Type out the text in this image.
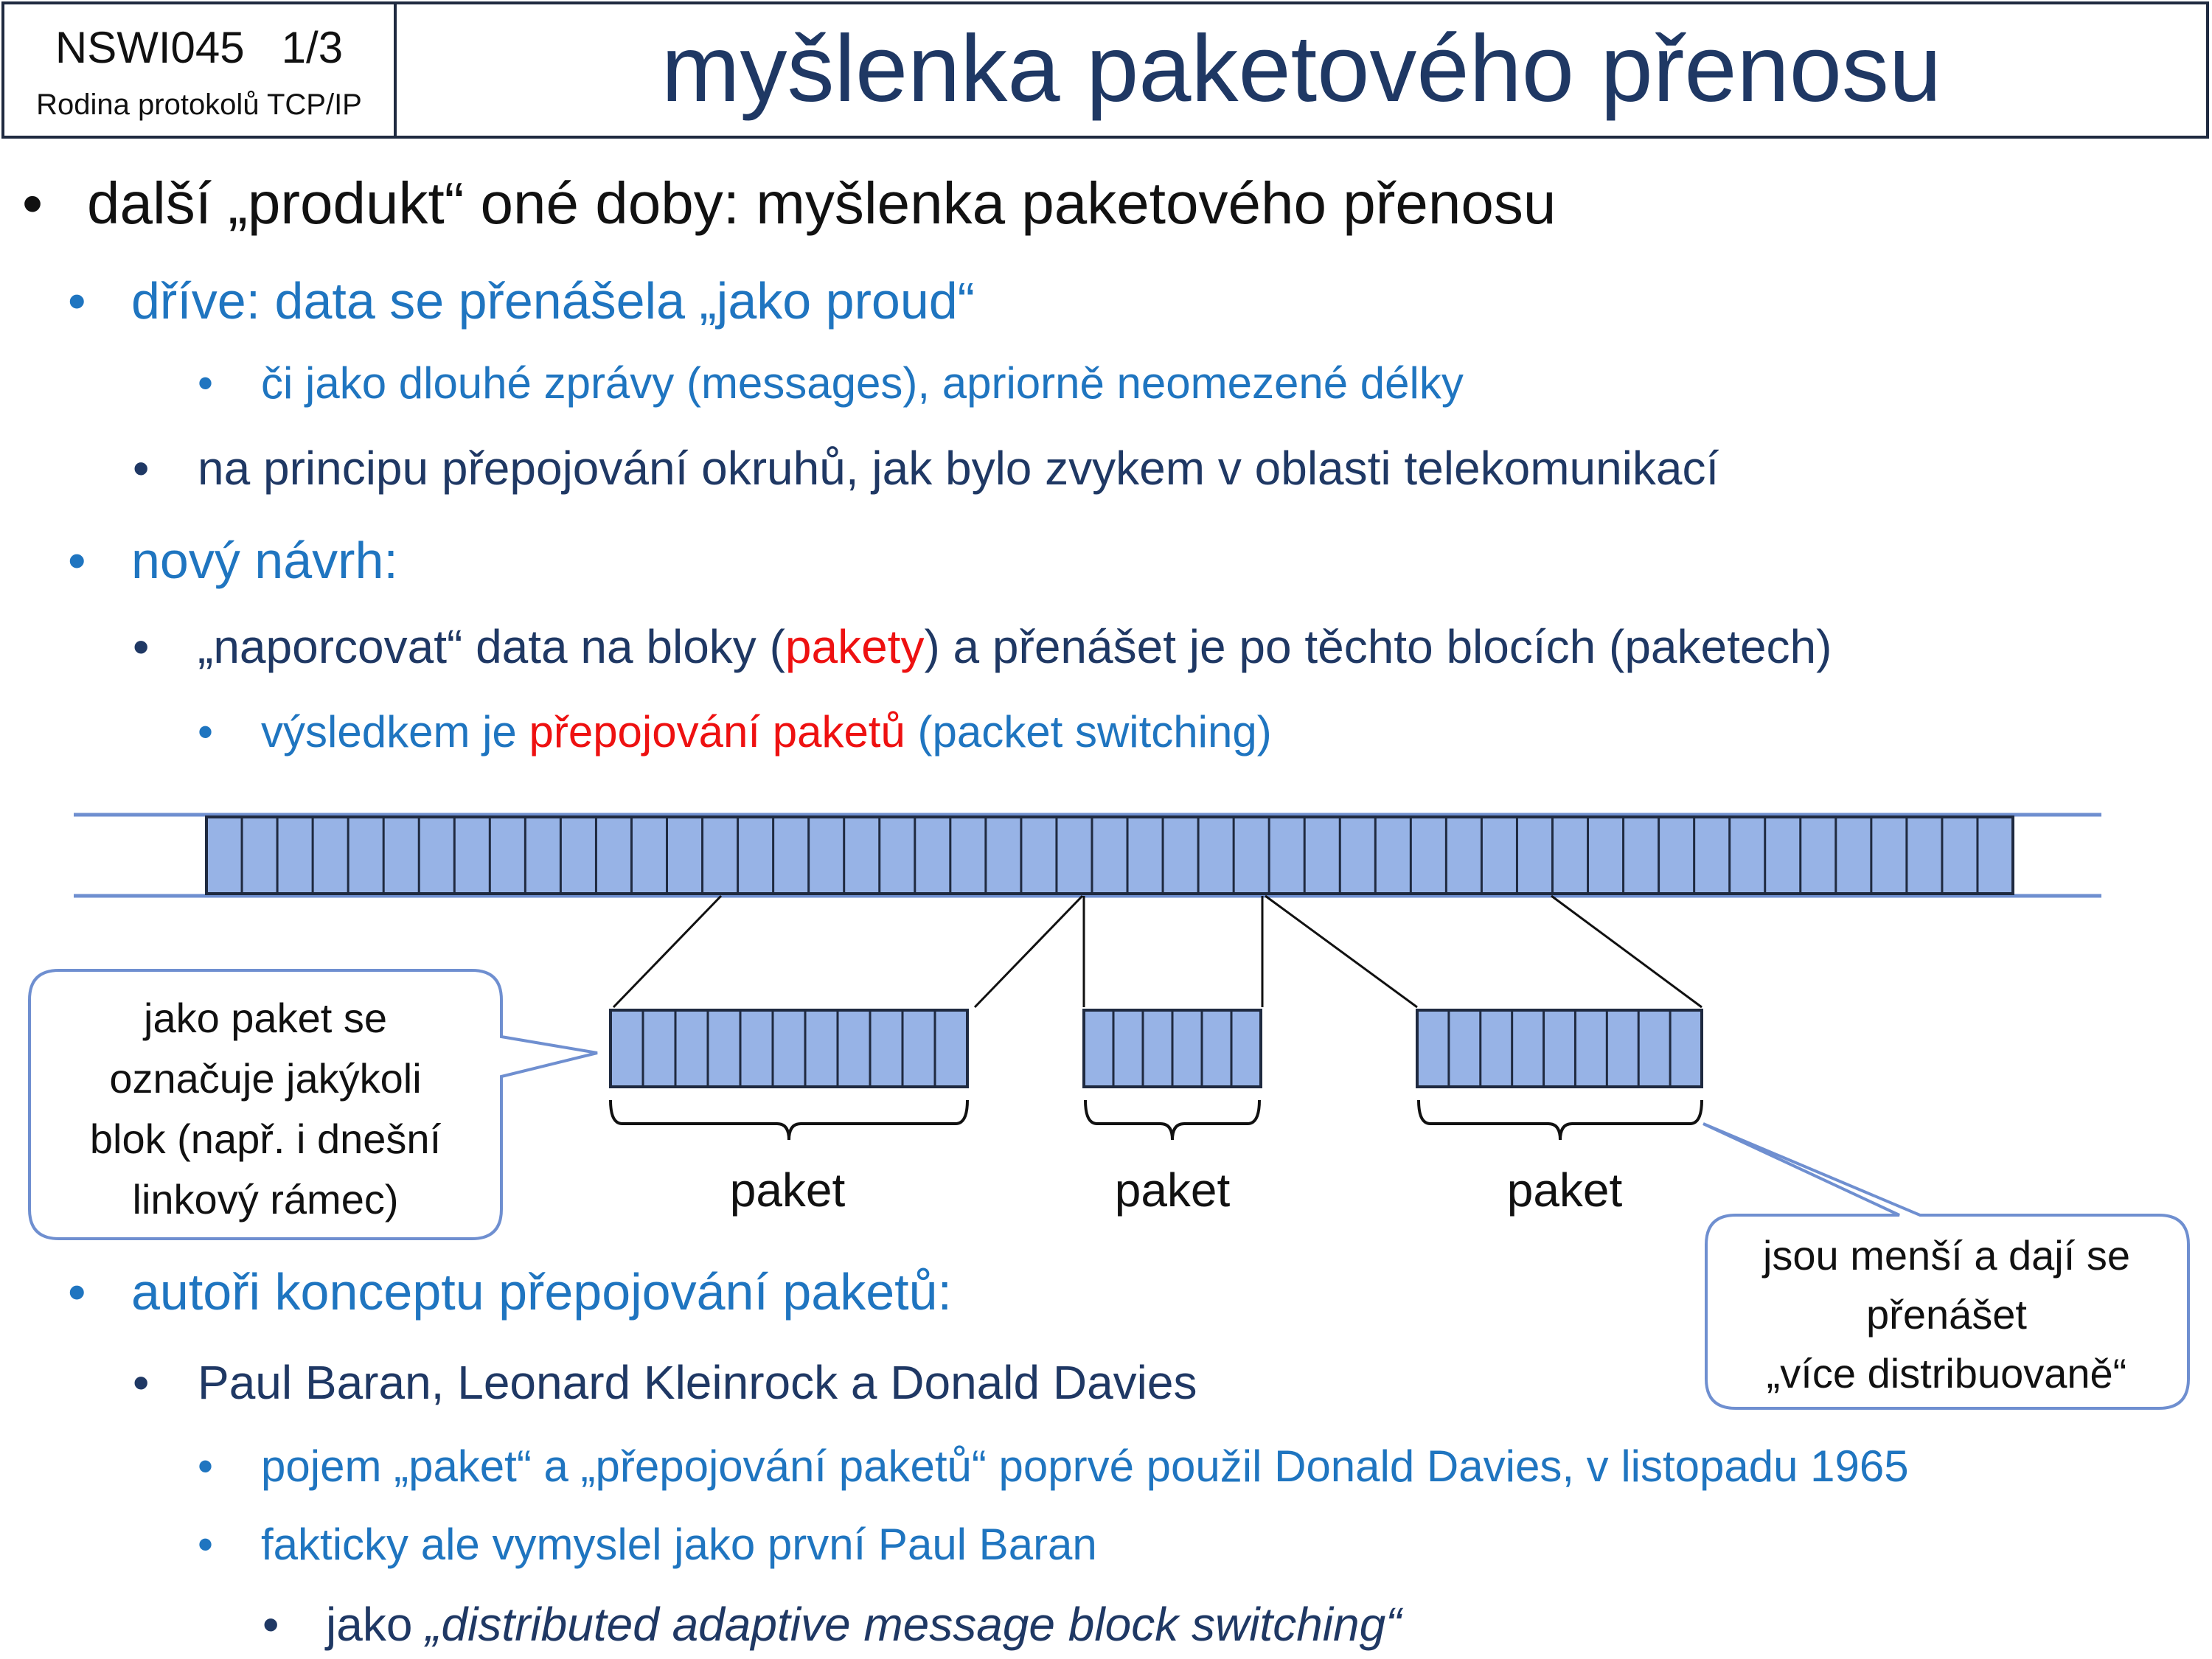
NSWI045   1/3
Rodina protokolů TCP/IP	myšlenka paketového přenosu
• další „produkt“ oné doby: myšlenka paketového přenosu
• dříve: data se přenášela „jako proud“
• či jako dlouhé zprávy (messages), apriorně neomezené délky
• na principu přepojování okruhů, jak bylo zvykem v oblasti telekomunikací
• nový návrh:
• „naporcovat“ data na bloky (pakety) a přenášet je po těchto blocích (paketech)
• výsledkem je přepojování paketů (packet switching)
• autoři konceptu přepojování paketů:
• Paul Baran, Leonard Kleinrock a Donald Davies
• pojem „paket“ a „přepojování paketů“ poprvé použil Donald Davies, v listopadu 1965
• fakticky ale vymyslel jako první Paul Baran
• jako „distributed adaptive message block switching“
paket	paket	paket
jako paket se
označuje jakýkoli
blok (např. i dnešní
linkový rámec)
jsou menší a dají se
přenášet
„více distribuovaně“
